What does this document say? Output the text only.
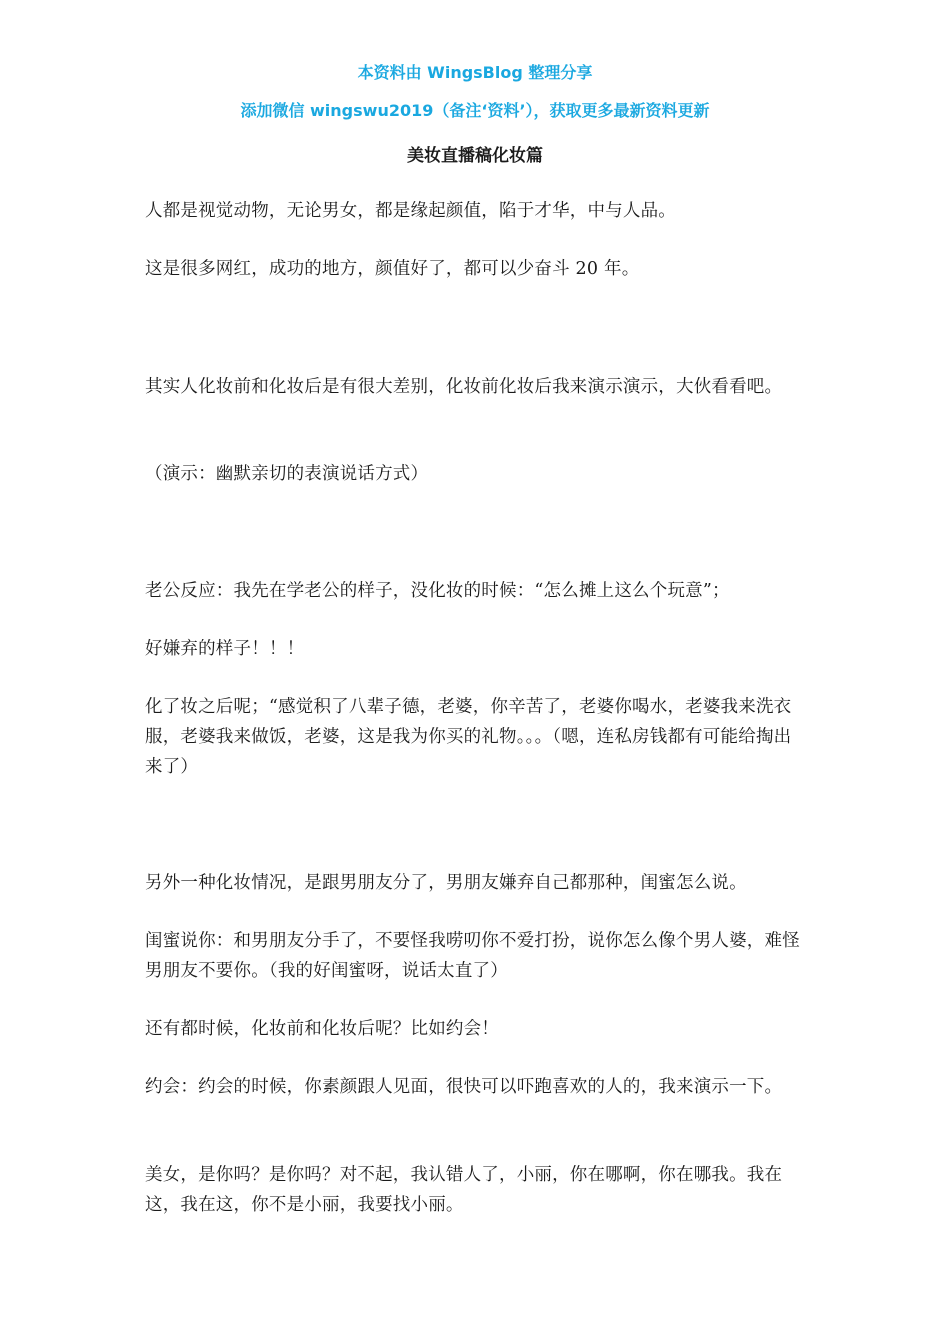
本资料由 WingsBlog 整理分享
添加微信 wingswu2019（备注‘资料’），获取更多最新资料更新
美妆直播稿化妆篇

人都是视觉动物，无论男女，都是缘起颜值，陷于才华，中与人品。

这是很多网红，成功的地方，颜值好了，都可以少奋斗 20 年。

其实人化妆前和化妆后是有很大差别，化妆前化妆后我来演示演示，大伙看看吧。

（演示：幽默亲切的表演说话方式）

老公反应：我先在学老公的样子，没化妆的时候：“怎么摊上这么个玩意”；

好嫌弃的样子！！！

化了妆之后呢；“感觉积了八辈子德，老婆，你辛苦了，老婆你喝水，老婆我来洗衣服，老婆我来做饭，老婆，这是我为你买的礼物。。。（嗯，连私房钱都有可能给掏出来了）

另外一种化妆情况，是跟男朋友分了，男朋友嫌弃自己都那种，闺蜜怎么说。

闺蜜说你：和男朋友分手了，不要怪我唠叨你不爱打扮，说你怎么像个男人婆，难怪男朋友不要你。（我的好闺蜜呀，说话太直了）

还有都时候，化妆前和化妆后呢？比如约会！

约会：约会的时候，你素颜跟人见面，很快可以吓跑喜欢的人的，我来演示一下。

美女，是你吗？是你吗？对不起，我认错人了，小丽，你在哪啊，你在哪我。我在这，我在这，你不是小丽，我要找小丽。
